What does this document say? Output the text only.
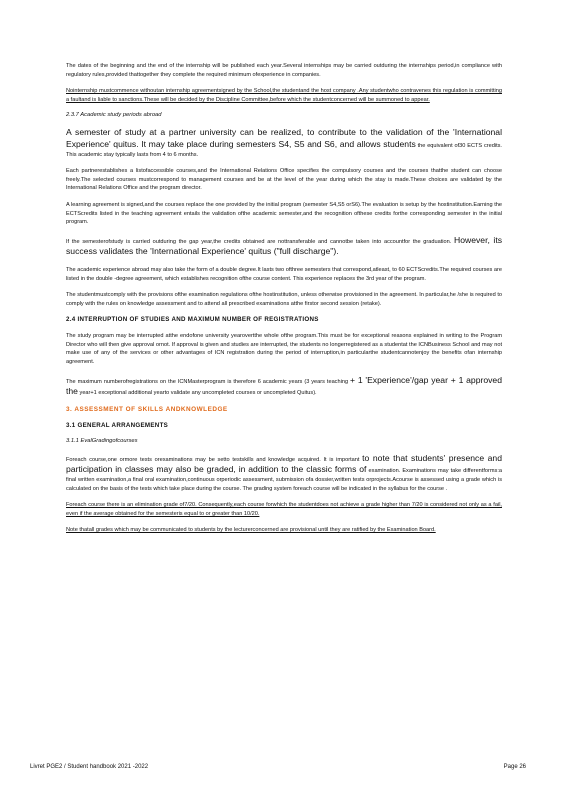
The dates of the beginning and the end of the internship will be published each year.Several internships may be carried outduring the internships period,in compliance with regulatory rules,provided thattogether they complete the required minimum ofexperience in companies.

Nointernship mustcommence withoutan internship agreementsigned by the School,the studentand the host company .Any studentwho contravenes this regulation is committing a faultand is liable to sanctions.These will be decided by the Discipline Committee,before which the studentconcerned will be summoned to appear.

2.3.7 Academic study periods abroad

A semester of study at a partner university can be realized, to contribute to the validation of the 'International Experience' quitus. It may take place during semesters S4, S5 and S6, and allows students the equivalent of30 ECTS credits. This academic stay typically lasts from 4 to 6 months.

Each partnerestablishes a listofaccessible courses,and the International Relations Office specifies the compulsory courses and the courses thatthe student can choose freely.The selected courses mustcorrespond to management courses and be at the level of the year during which the stay is made.These choices are validated by the International Relations Office and the program director.

A learning agreement is signed,and the courses replace the one provided by the initial program (semester S4,S5 orS6).The evaluation is setup by the hostinstitution.Earning the ECTScredits listed in the teaching agreement entails the validation ofthe academic semester,and the recognition ofthese credits forthe corresponding semester in the initial program.

If the semesterofstudy is carried outduring the gap year,the credits obtained are nottransferable and cannotbe taken into accountfor the graduation. However, its success validates the 'International Experience' quitus ("full discharge").

The academic experience abroad may also take the form of a double degree.It lasts two ofthree semesters that correspond,atleast, to 60 ECTScredits.The required courses are listed in the double -degree agreement, which establishes recognition ofthe course content. This experience replaces the 3rd year of the program.

The studentmustcomply with the provisions ofthe examination regulations ofthe hostinstitution, unless otherwise provisioned in the agreement. In particular,he /she is required to comply with the rules on knowledge assessment and to attend all prescribed examinations atthe firstor second session (retake).

2.4 INTERRUPTION OF STUDIES AND MAXIMUM NUMBER OF REGISTRATIONS

The study program may be interrupted atthe endofone university yearovertthe whole ofthe program.This must be for exceptional reasons explained in writing to the Program Director who will then give approval ornot. If approval is given and studies are interrupted, the students no longerregistered as a studentat the ICNBusiness School and may not make use of any of the services or other advantages of ICN registration during the period of interruption,in particularthe studentcannotenjoy the benefits ofan internship agreement.

The maximum numberofregistrations on the ICNMasterprogram is therefore 6 academic years (3 years teaching + 1 'Experience'/gap year + 1 approved the year+1 exceptional additional yearto validate any uncompleted courses or uncompleted Quitus).

3. ASSESSMENT OF SKILLS ANDKNOWLEDGE
3.1 GENERAL ARRANGEMENTS
3.1.1 EvalGradingofcourses

Foreach course,one ormore tests orexaminations may be setto testskills and knowledge acquired. It is important to note that students' presence and participation in classes may also be graded, in addition to the classic forms of examination. Examinations may take differentforms:a final written examination,a final oral examination,continuous orperiodic assessment, submission ofa dossier,written tests orprojects.Acourse is assessed using a grade which is calculated on the basis of the tests which take place during the course. The grading system foreach course will be indicated in the syllabus for the course .

Foreach course there is an elimination grade of7/20. Consequently,each course forwhich the studentdoes not achieve a grade higher than 7/20 is considered not only as a fail, even if the average obtained for the semesteris equal to or greater than 10/20.

Note thatall grades which may be communicated to students by the lecturerconcerned are provisional until they are ratified by the Examination Board.

Livret PGE2 / Student handbook 2021 -2022	Page 26
